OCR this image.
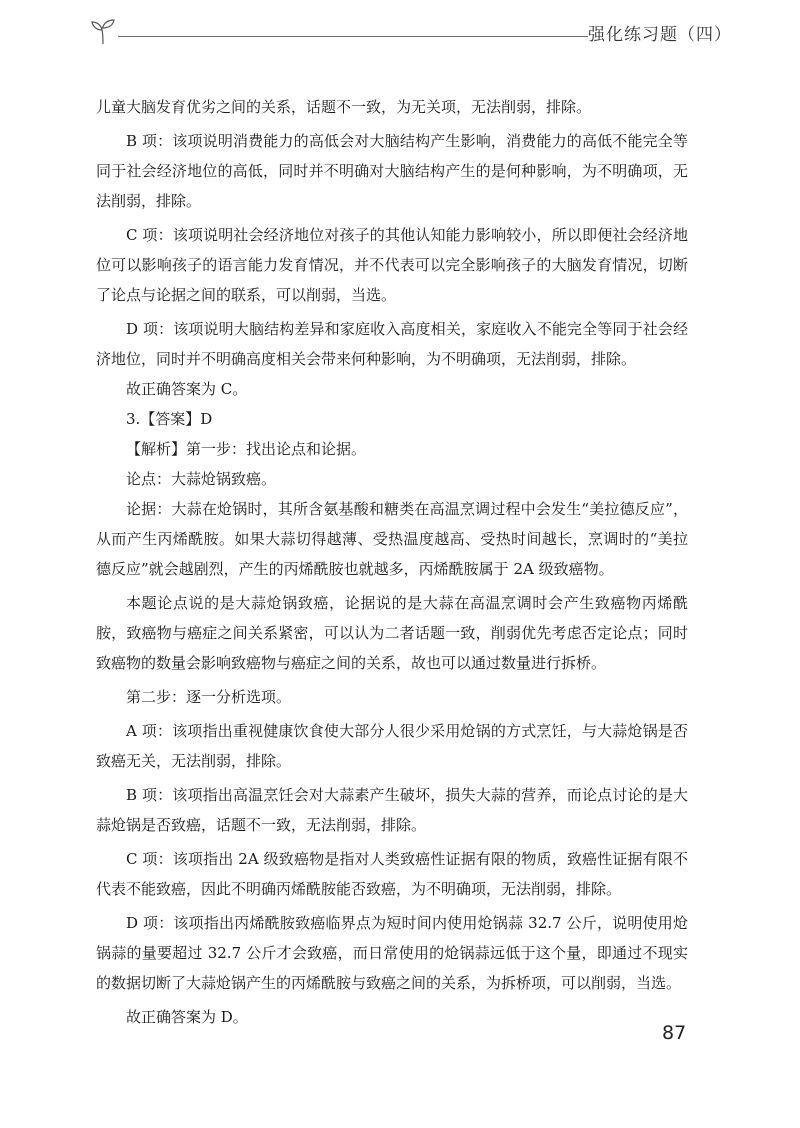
强化练习题（四）

儿童大脑发育优劣之间的关系，话题不一致，为无关项，无法削弱，排除。

B 项：该项说明消费能力的高低会对大脑结构产生影响，消费能力的高低不能完全等同于社会经济地位的高低，同时并不明确对大脑结构产生的是何种影响，为不明确项，无法削弱，排除。

C 项：该项说明社会经济地位对孩子的其他认知能力影响较小，所以即便社会经济地位可以影响孩子的语言能力发育情况，并不代表可以完全影响孩子的大脑发育情况，切断了论点与论据之间的联系，可以削弱，当选。

D 项：该项说明大脑结构差异和家庭收入高度相关，家庭收入不能完全等同于社会经济地位，同时并不明确高度相关会带来何种影响，为不明确项，无法削弱，排除。

故正确答案为 C。

3.【答案】D

【解析】第一步：找出论点和论据。

论点：大蒜炝锅致癌。

论据：大蒜在炝锅时，其所含氨基酸和糖类在高温烹调过程中会发生“美拉德反应”，从而产生丙烯酰胺。如果大蒜切得越薄、受热温度越高、受热时间越长，烹调时的“美拉德反应”就会越剧烈，产生的丙烯酰胺也就越多，丙烯酰胺属于 2A 级致癌物。

本题论点说的是大蒜炝锅致癌，论据说的是大蒜在高温烹调时会产生致癌物丙烯酰胺，致癌物与癌症之间关系紧密，可以认为二者话题一致，削弱优先考虑否定论点；同时致癌物的数量会影响致癌物与癌症之间的关系，故也可以通过数量进行拆桥。

第二步：逐一分析选项。

A 项：该项指出重视健康饮食使大部分人很少采用炝锅的方式烹饪，与大蒜炝锅是否致癌无关，无法削弱，排除。

B 项：该项指出高温烹饪会对大蒜素产生破坏，损失大蒜的营养，而论点讨论的是大蒜炝锅是否致癌，话题不一致，无法削弱，排除。

C 项：该项指出 2A 级致癌物是指对人类致癌性证据有限的物质，致癌性证据有限不代表不能致癌，因此不明确丙烯酰胺能否致癌，为不明确项，无法削弱，排除。

D 项：该项指出丙烯酰胺致癌临界点为短时间内使用炝锅蒜 32.7 公斤，说明使用炝锅蒜的量要超过 32.7 公斤才会致癌，而日常使用的炝锅蒜远低于这个量，即通过不现实的数据切断了大蒜炝锅产生的丙烯酰胺与致癌之间的关系，为拆桥项，可以削弱，当选。

故正确答案为 D。

87
